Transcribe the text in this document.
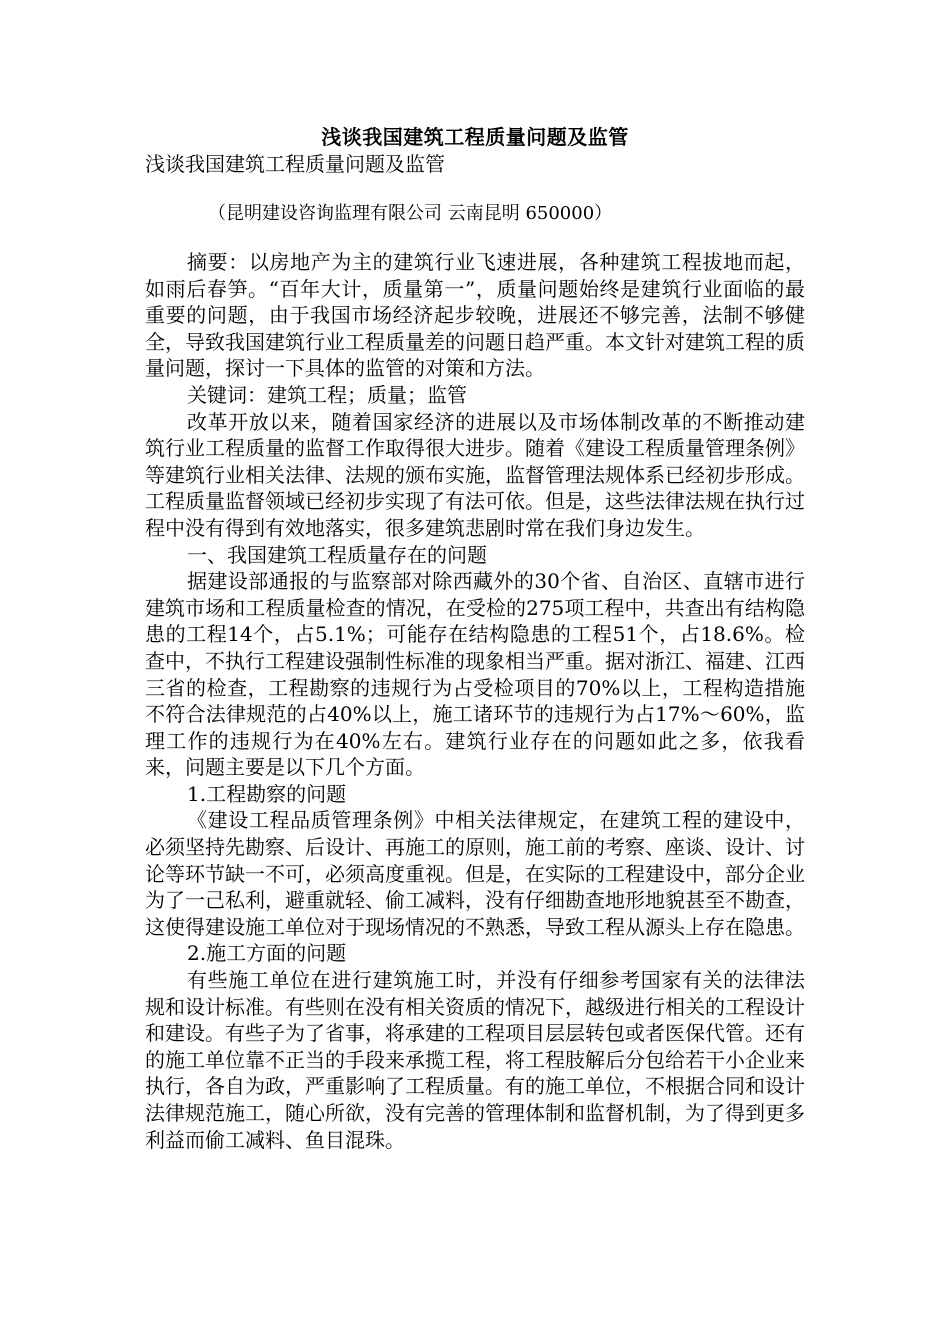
浅谈我国建筑工程质量问题及监管
浅谈我国建筑工程质量问题及监管
（昆明建设咨询监理有限公司 云南昆明 650000）

摘要：以房地产为主的建筑行业飞速进展，各种建筑工程拔地而起，如雨后春笋。“百年大计，质量第一”，质量问题始终是建筑行业面临的最重要的问题，由于我国市场经济起步较晚，进展还不够完善，法制不够健全，导致我国建筑行业工程质量差的问题日趋严重。本文针对建筑工程的质量问题，探讨一下具体的监管的对策和方法。

关键词：建筑工程；质量；监管

改革开放以来，随着国家经济的进展以及市场体制改革的不断推动建筑行业工程质量的监督工作取得很大进步。随着《建设工程质量管理条例》等建筑行业相关法律、法规的颁布实施，监督管理法规体系已经初步形成。工程质量监督领域已经初步实现了有法可依。但是，这些法律法规在执行过程中没有得到有效地落实，很多建筑悲剧时常在我们身边发生。

一、我国建筑工程质量存在的问题

据建设部通报的与监察部对除西藏外的30个省、自治区、直辖市进行建筑市场和工程质量检查的情况，在受检的275项工程中，共查出有结构隐患的工程14个，占5.1%；可能存在结构隐患的工程51个，占18.6%。检查中，不执行工程建设强制性标准的现象相当严重。据对浙江、福建、江西三省的检查，工程勘察的违规行为占受检项目的70%以上，工程构造措施不符合法律规范的占40%以上，施工诸环节的违规行为占17%～60%，监理工作的违规行为在40%左右。建筑行业存在的问题如此之多，依我看来，问题主要是以下几个方面。

1.工程勘察的问题

《建设工程品质管理条例》中相关法律规定，在建筑工程的建设中，必须坚持先勘察、后设计、再施工的原则，施工前的考察、座谈、设计、讨论等环节缺一不可，必须高度重视。但是，在实际的工程建设中，部分企业为了一己私利，避重就轻、偷工减料，没有仔细勘查地形地貌甚至不勘查，这使得建设施工单位对于现场情况的不熟悉，导致工程从源头上存在隐患。

2.施工方面的问题

有些施工单位在进行建筑施工时，并没有仔细参考国家有关的法律法规和设计标准。有些则在没有相关资质的情况下，越级进行相关的工程设计和建设。有些子为了省事，将承建的工程项目层层转包或者医保代管。还有的施工单位靠不正当的手段来承揽工程，将工程肢解后分包给若干小企业来执行，各自为政，严重影响了工程质量。有的施工单位，不根据合同和设计法律规范施工，随心所欲，没有完善的管理体制和监督机制，为了得到更多利益而偷工减料、鱼目混珠。
